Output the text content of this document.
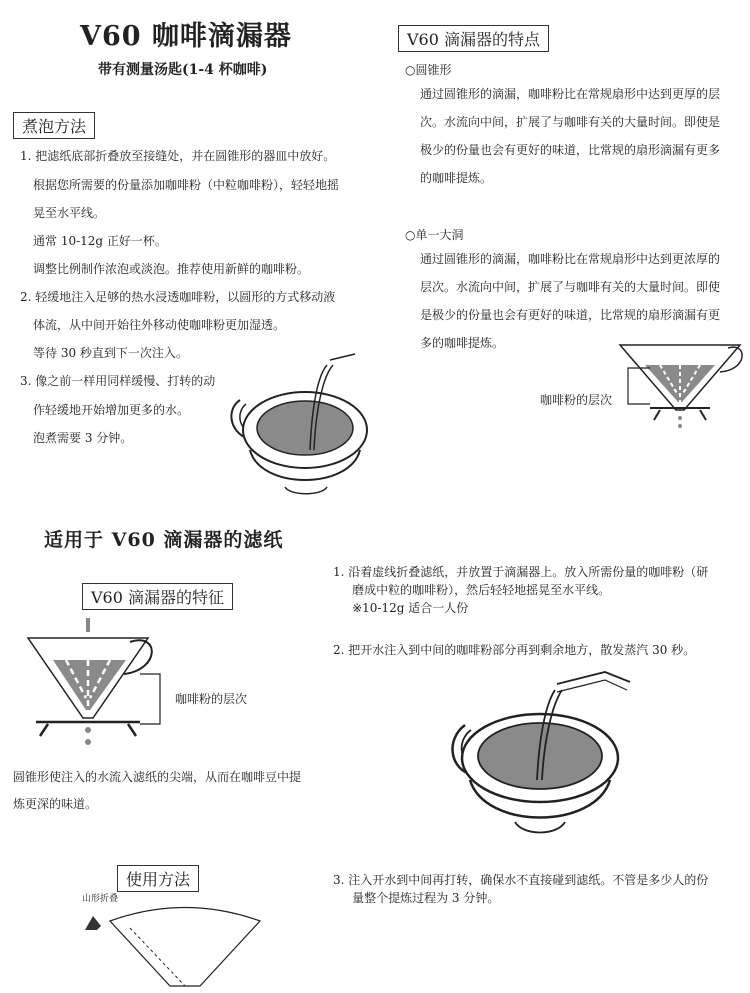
V60 咖啡滴漏器
带有测量汤匙(1-4 杯咖啡)
煮泡方法
1. 把滤纸底部折叠放至接缝处，并在圆锥形的器皿中放好。
根据您所需要的份量添加咖啡粉（中粒咖啡粉），轻轻地摇
晃至水平线。
通常 10-12g 正好一杯。
调整比例制作浓泡或淡泡。推荐使用新鲜的咖啡粉。
2. 轻缓地注入足够的热水浸透咖啡粉，以圆形的方式移动液
体流，从中间开始往外移动使咖啡粉更加湿透。
等待 30 秒直到下一次注入。
3. 像之前一样用同样缓慢、打转的动
作轻缓地开始增加更多的水。
泡煮需要 3 分钟。
V60 滴漏器的特点
○圆锥形
通过圆锥形的滴漏，咖啡粉比在常规扇形中达到更厚的层
次。水流向中间，扩展了与咖啡有关的大量时间。即使是
极少的份量也会有更好的味道，比常规的扇形滴漏有更多
的咖啡提炼。
○单一大洞
通过圆锥形的滴漏，咖啡粉比在常规扇形中达到更浓厚的
层次。水流向中间，扩展了与咖啡有关的大量时间。即使
是极少的份量也会有更好的味道，比常规的扇形滴漏有更
多的咖啡提炼。
咖啡粉的层次
适用于 V60 滴漏器的滤纸
V60 滴漏器的特征
咖啡粉的层次
圆锥形使注入的水流入滤纸的尖端，从而在咖啡豆中提
炼更深的味道。
使用方法
山形折叠
1. 沿着虚线折叠滤纸，并放置于滴漏器上。放入所需份量的咖啡粉（研
磨成中粒的咖啡粉），然后轻轻地摇晃至水平线。
※10-12g 适合一人份
2. 把开水注入到中间的咖啡粉部分再到剩余地方，散发蒸汽 30 秒。
3. 注入开水到中间再打转，确保水不直接碰到滤纸。不管是多少人的份
量整个提炼过程为 3 分钟。
